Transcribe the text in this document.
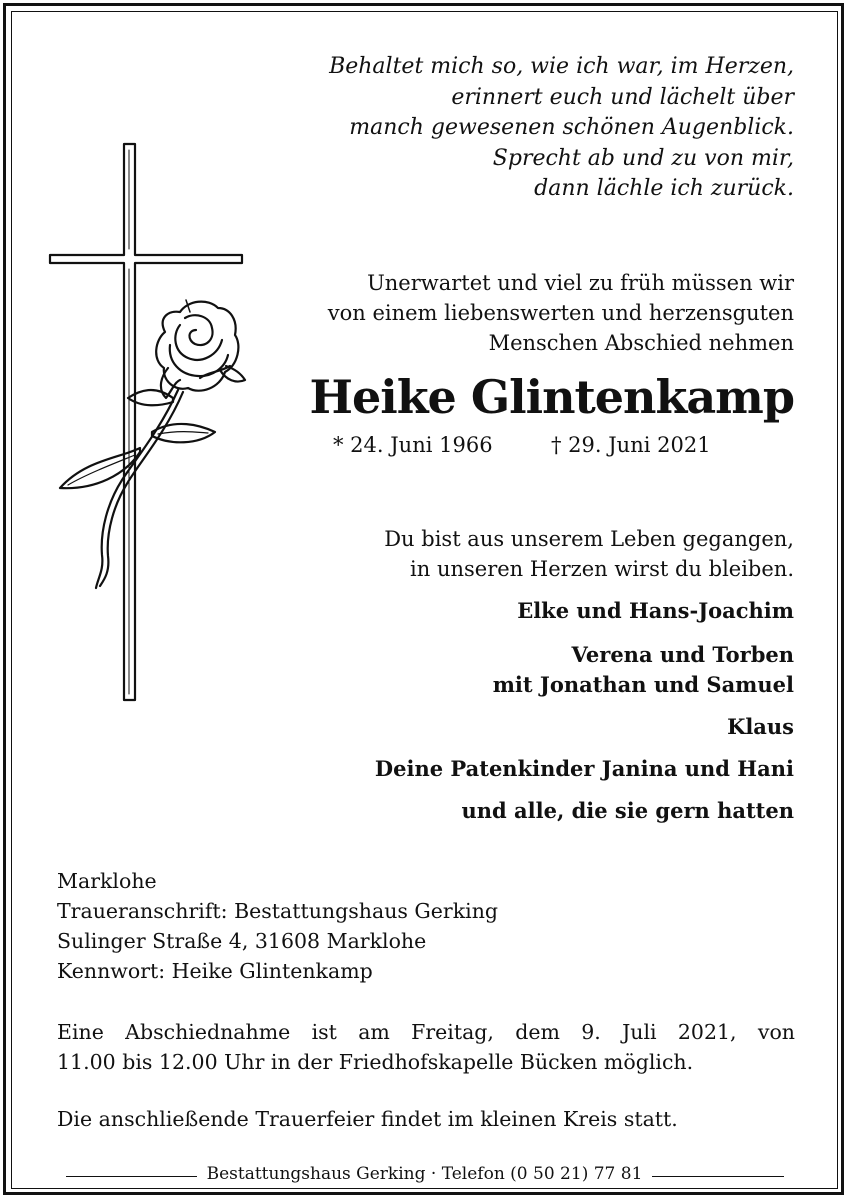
Behaltet mich so, wie ich war, im Herzen,
erinnert euch und lächelt über
manch gewesenen schönen Augenblick.
Sprecht ab und zu von mir,
dann lächle ich zurück.
Unerwartet und viel zu früh müssen wir
von einem liebenswerten und herzensguten
Menschen Abschied nehmen
Heike Glintenkamp
* 24. Juni 1966	† 29. Juni 2021
Du bist aus unserem Leben gegangen,
in unseren Herzen wirst du bleiben.
Elke und Hans-Joachim
Verena und Torben
mit Jonathan und Samuel
Klaus
Deine Patenkinder Janina und Hani
und alle, die sie gern hatten
Marklohe
Traueranschrift: Bestattungshaus Gerking
Sulinger Straße 4, 31608 Marklohe
Kennwort: Heike Glintenkamp
Eine Abschiednahme ist am Freitag, dem 9. Juli 2021, von
11.00 bis 12.00 Uhr in der Friedhofskapelle Bücken möglich.
Die anschließende Trauerfeier findet im kleinen Kreis statt.
Bestattungshaus Gerking · Telefon (0 50 21) 77 81
